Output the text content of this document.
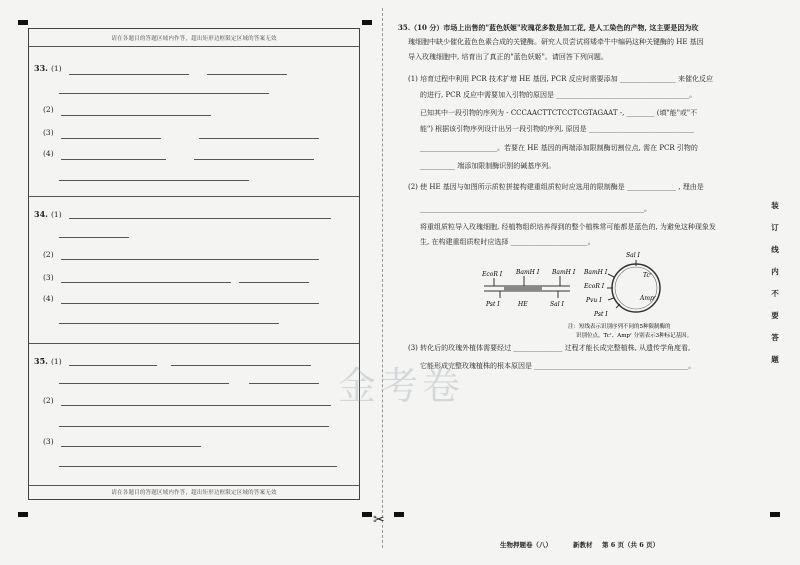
请在各题目的答题区域内作答，超出矩形边框限定区域的答案无效
33. (1)
(2)
(3)
(4)
34. (1)
(2)
(3)
(4)
35. (1)
(2)
(3)
请在各题目的答题区域内作答，超出矩形边框限定区域的答案无效
✂
金考卷
35.（10 分）市场上出售的"蓝色妖姬"玫瑰花多数是加工花, 是人工染色的产物, 这主要是因为玫
瑰细胞中缺少催化蓝色色素合成的关键酶。研究人员尝试将矮牵牛中编码这种关键酶的 HE 基因
导入玫瑰细胞中, 培育出了真正的"蓝色妖姬"。请回答下列问题。
(1) 培育过程中利用 PCR 技术扩增 HE 基因, PCR 反应时需要添加 ________________ 来催化反应
的进行, PCR 反应中需要加入引物的原因是 ______________________________________。
已知其中一段引物的序列为 - CCCAACTTCTCCTCGTAGAAT -, ________ (填"能"或"不
能") 根据该引物序列设计出另一段引物的序列, 原因是 ______________________________
______________________。若要在 HE 基因的两端添加限制酶切割位点, 需在 PCR 引物的
__________ 端添加限制酶识别的碱基序列。
(2) 使 HE 基因与如图所示质粒拼接构建重组质粒时应选用的限制酶是 ______________ , 理由是
________________________________________________________________。
将重组质粒导入玫瑰细胞, 经植物组织培养得到的整个植株常可能都是蓝色的, 为避免这种现象发
生, 在构建重组质粒时应选择 ______________________。
EcoR I BamH I BamH I
Pst I	HE	Sal I
Sal I
Tcʳ
Ampʳ
BamH I
EcoR I
Pvu I
Pst I
注：短线表示识别序列不同的5种限制酶的
识别位点。Tcʳ、Ampʳ 分别表示3种标记基因。
(3) 转化后的玫瑰外植体需要经过 ______________ 过程才能长成完整植株, 从遗传学角度看,
它能形成完整玫瑰植株的根本原因是 ____________________________________________。
装
订
线
内
不
要
答
题
生物押题卷（八）	新教材 第 6 页（共 6 页）
